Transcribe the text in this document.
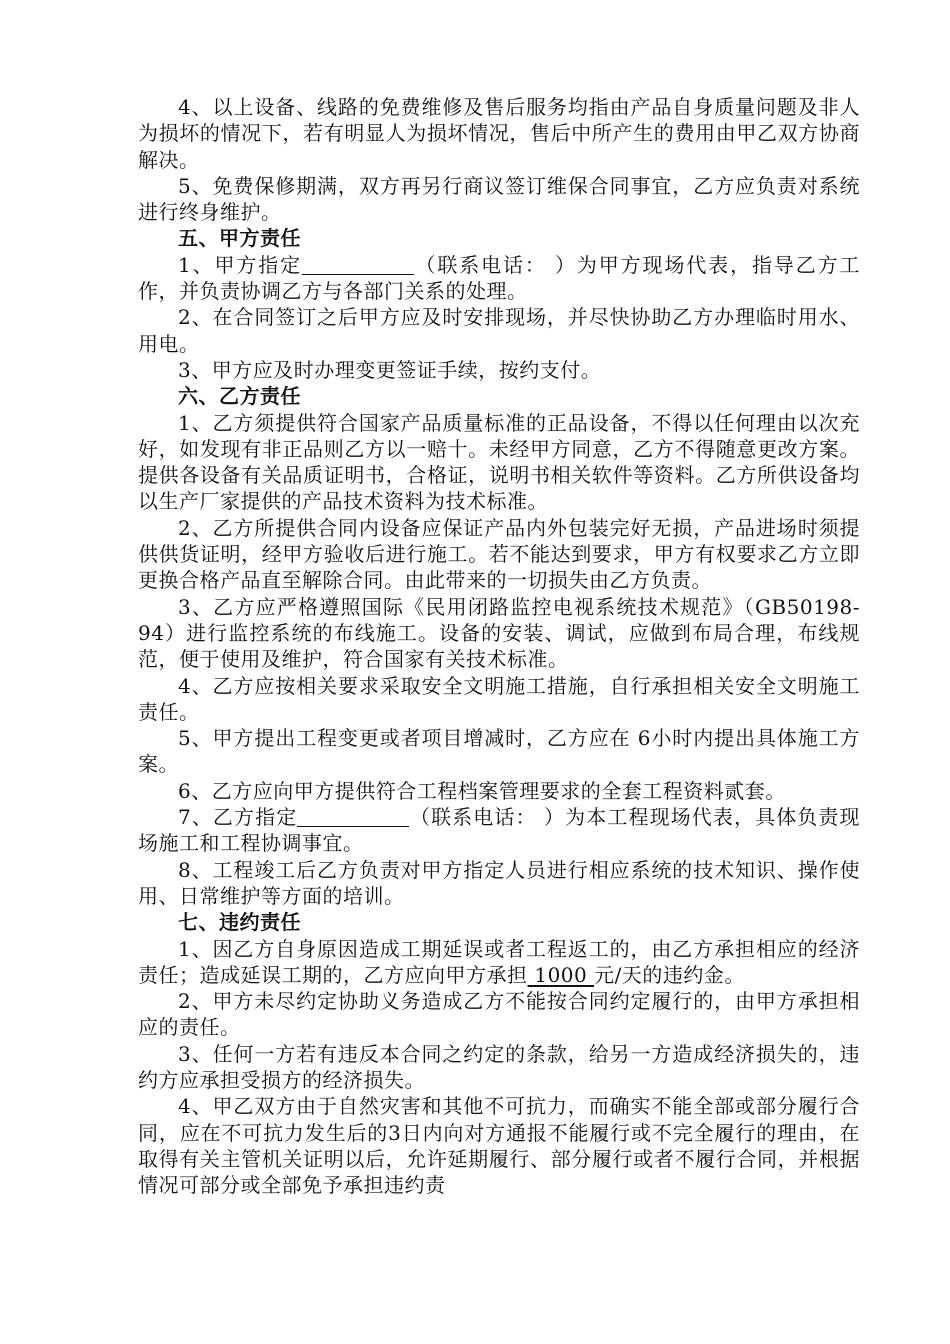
4、以上设备、线路的免费维修及售后服务均指由产品自身质量问题及非人为损坏的情况下，若有明显人为损坏情况，售后中所产生的费用由甲乙双方协商解决。

5、免费保修期满，双方再另行商议签订维保合同事宜，乙方应负责对系统进行终身维护。

五、甲方责任

1、甲方指定	（联系电话： ）为甲方现场代表，指导乙方工作，并负责协调乙方与各部门关系的处理。

2、在合同签订之后甲方应及时安排现场，并尽快协助乙方办理临时用水、用电。

3、甲方应及时办理变更签证手续，按约支付。

六、乙方责任

1、乙方须提供符合国家产品质量标准的正品设备，不得以任何理由以次充好，如发现有非正品则乙方以一赔十。未经甲方同意，乙方不得随意更改方案。提供各设备有关品质证明书，合格证，说明书相关软件等资料。乙方所供设备均以生产厂家提供的产品技术资料为技术标准。

2、乙方所提供合同内设备应保证产品内外包装完好无损，产品进场时须提供供货证明，经甲方验收后进行施工。若不能达到要求，甲方有权要求乙方立即更换合格产品直至解除合同。由此带来的一切损失由乙方负责。

3、乙方应严格遵照国际《民用闭路监控电视系统技术规范》（GB50198-94）进行监控系统的布线施工。设备的安装、调试，应做到布局合理，布线规范，便于使用及维护，符合国家有关技术标准。

4、乙方应按相关要求采取安全文明施工措施，自行承担相关安全文明施工责任。

5、甲方提出工程变更或者项目增减时，乙方应在 6小时内提出具体施工方案。

6、乙方应向甲方提供符合工程档案管理要求的全套工程资料贰套。

7、乙方指定	（联系电话： ）为本工程现场代表，具体负责现场施工和工程协调事宜。

8、工程竣工后乙方负责对甲方指定人员进行相应系统的技术知识、操作使用、日常维护等方面的培训。

七、违约责任

1、因乙方自身原因造成工期延误或者工程返工的，由乙方承担相应的经济责任；造成延误工期的，乙方应向甲方承担 1000 元/天的违约金。

2、甲方未尽约定协助义务造成乙方不能按合同约定履行的，由甲方承担相应的责任。

3、任何一方若有违反本合同之约定的条款，给另一方造成经济损失的，违约方应承担受损方的经济损失。

4、甲乙双方由于自然灾害和其他不可抗力，而确实不能全部或部分履行合同，应在不可抗力发生后的3日内向对方通报不能履行或不完全履行的理由，在取得有关主管机关证明以后，允许延期履行、部分履行或者不履行合同，并根据情况可部分或全部免予承担违约责
